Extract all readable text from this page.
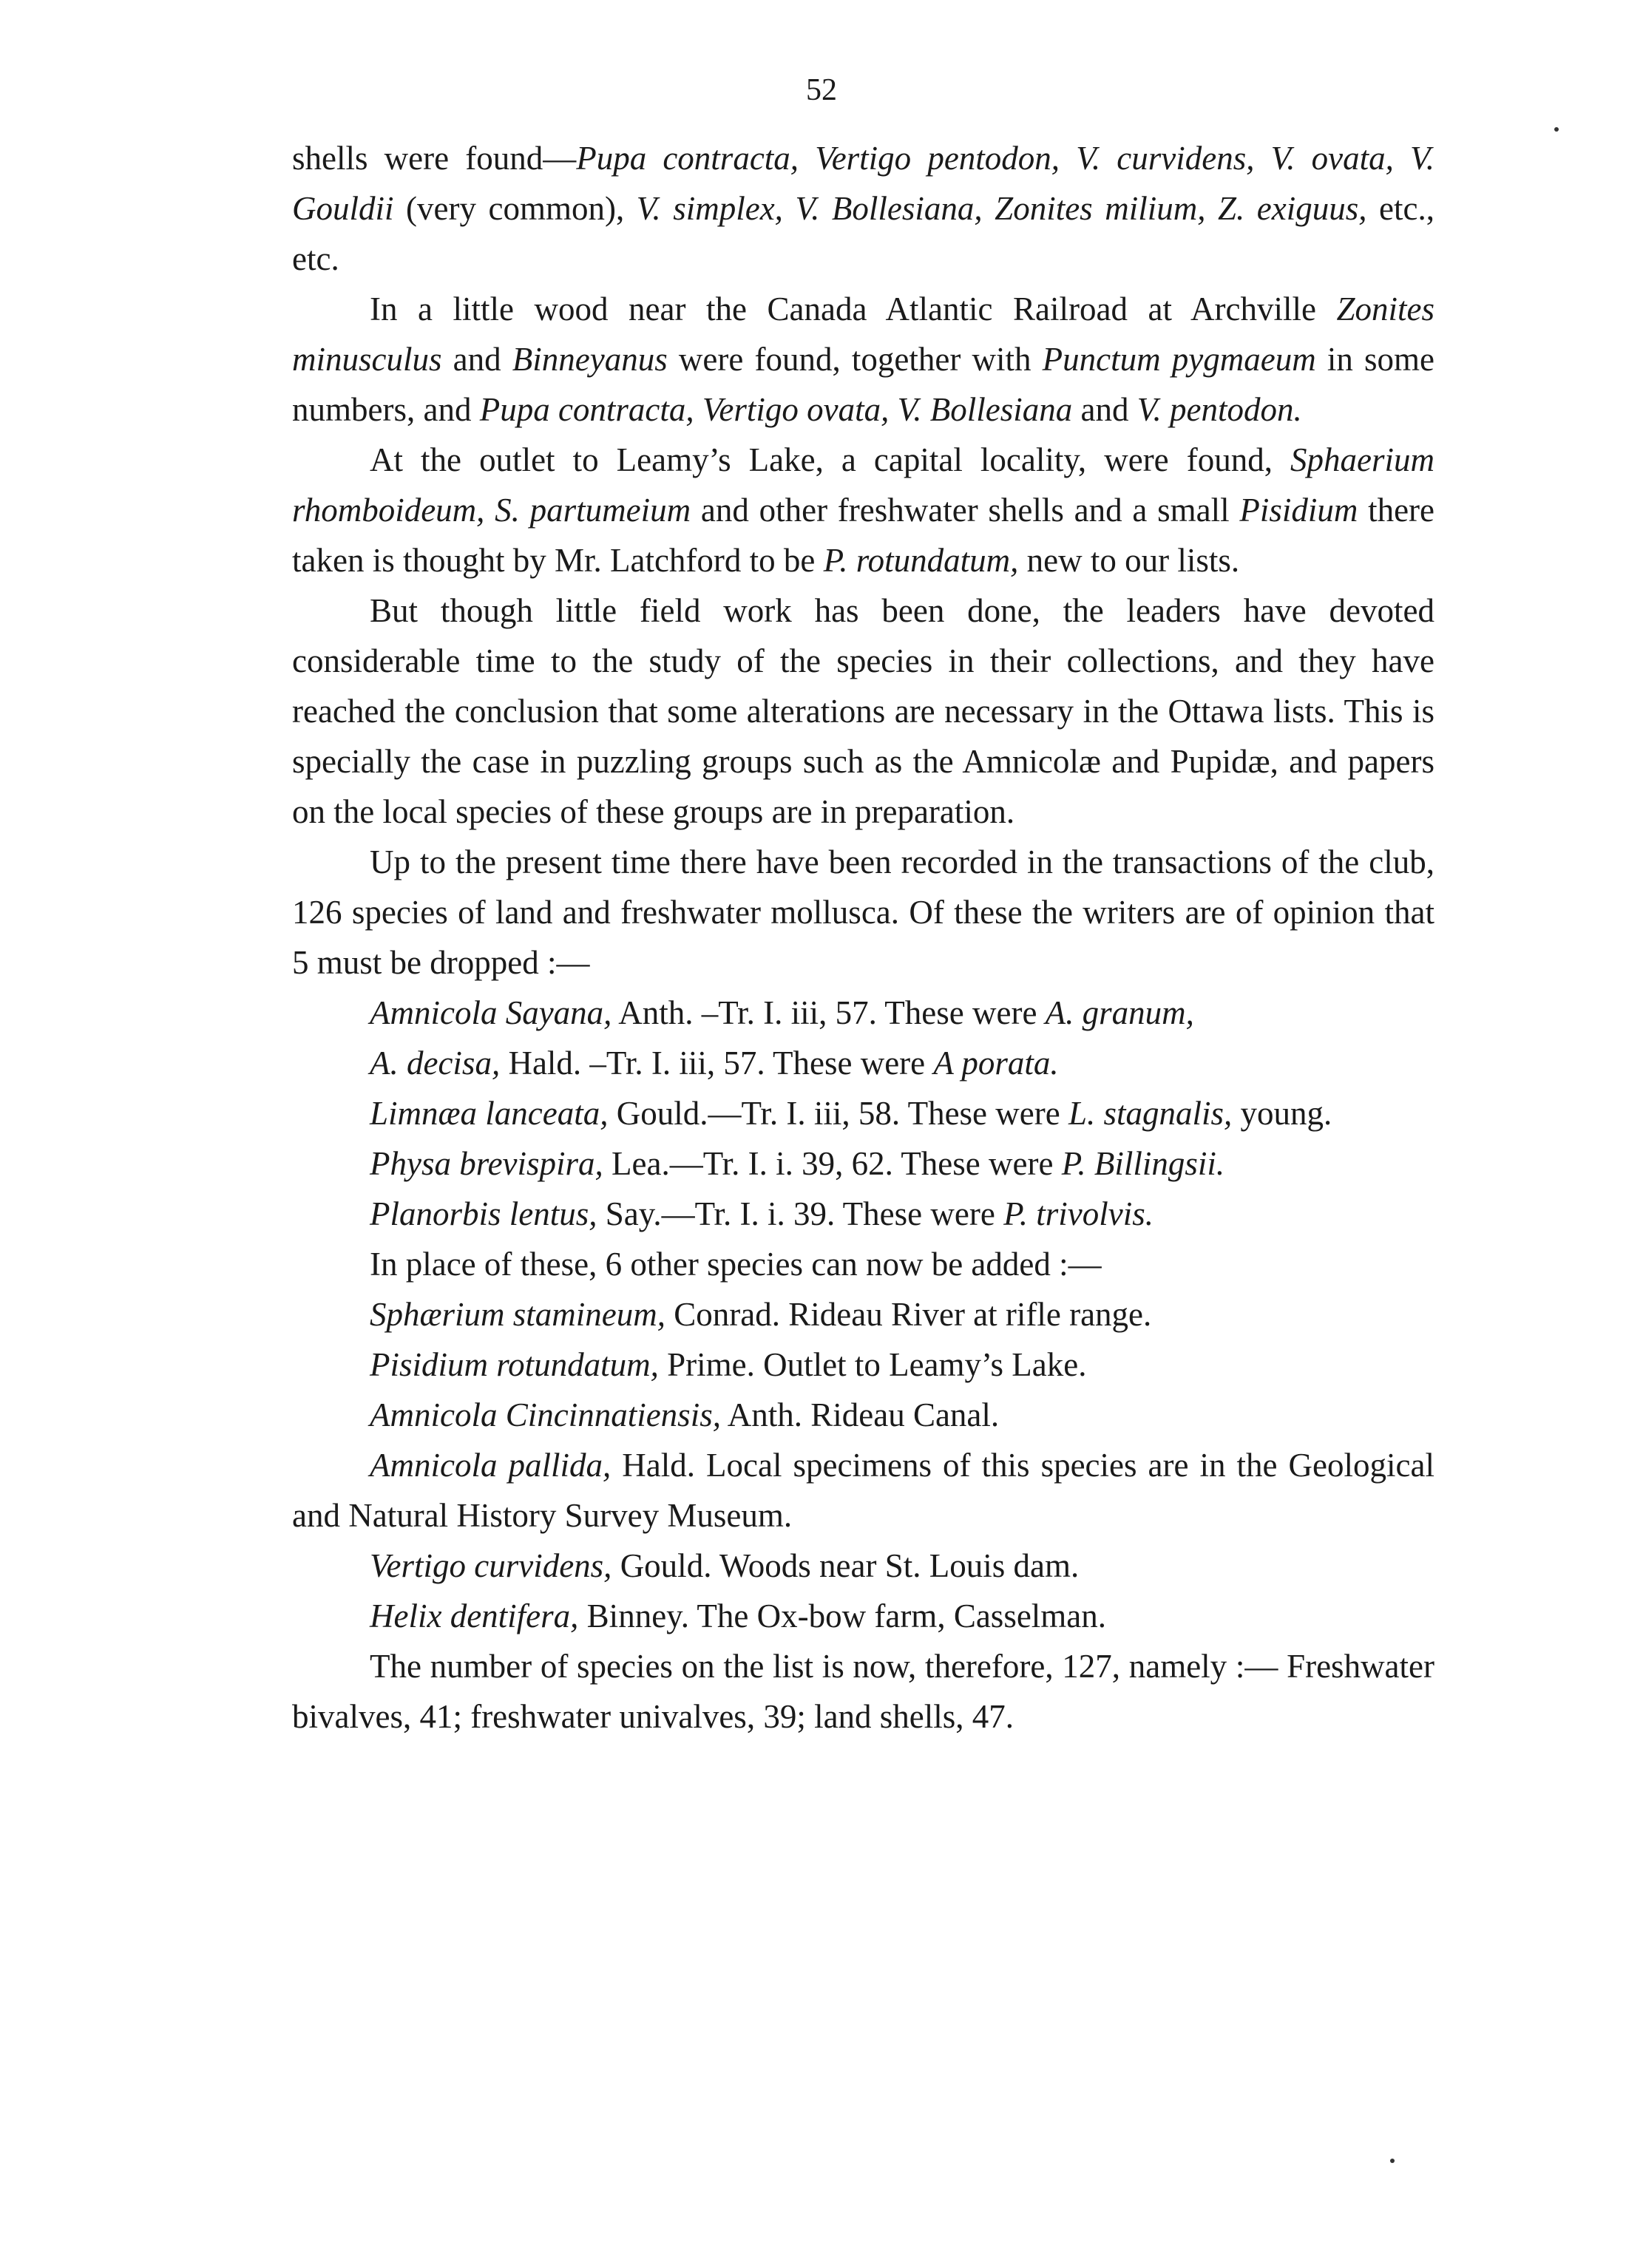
52

shells were found—Pupa contracta, Vertigo pentodon, V. curvidens, V. ovata, V. Gouldii (very common), V. simplex, V. Bollesiana, Zonites milium, Z. exiguus, etc., etc.

In a little wood near the Canada Atlantic Railroad at Archville Zonites minusculus and Binneyanus were found, together with Punctum pygmaeum in some numbers, and Pupa contracta, Vertigo ovata, V. Bollesiana and V. pentodon.

At the outlet to Leamy’s Lake, a capital locality, were found, Sphaerium rhomboideum, S. partumeium and other freshwater shells and a small Pisidium there taken is thought by Mr. Latchford to be P. rotundatum, new to our lists.

But though little field work has been done, the leaders have devoted considerable time to the study of the species in their collections, and they have reached the conclusion that some alterations are necessary in the Ottawa lists. This is specially the case in puzzling groups such as the Amnicolæ and Pupidæ, and papers on the local species of these groups are in preparation.

Up to the present time there have been recorded in the transactions of the club, 126 species of land and freshwater mollusca. Of these the writers are of opinion that 5 must be dropped :—

Amnicola Sayana, Anth. –Tr. I. iii, 57. These were A. granum,

A. decisa, Hald. –Tr. I. iii, 57. These were A porata.

Limnæa lanceata, Gould.—Tr. I. iii, 58. These were L. stagnalis, young.

Physa brevispira, Lea.—Tr. I. i. 39, 62. These were P. Billingsii.

Planorbis lentus, Say.—Tr. I. i. 39. These were P. trivolvis.

In place of these, 6 other species can now be added :—

Sphærium stamineum, Conrad. Rideau River at rifle range.

Pisidium rotundatum, Prime. Outlet to Leamy’s Lake.

Amnicola Cincinnatiensis, Anth. Rideau Canal.

Amnicola pallida, Hald. Local specimens of this species are in the Geological and Natural History Survey Museum.

Vertigo curvidens, Gould. Woods near St. Louis dam.

Helix dentifera, Binney. The Ox-bow farm, Casselman.

The number of species on the list is now, therefore, 127, namely :— Freshwater bivalves, 41; freshwater univalves, 39; land shells, 47.
